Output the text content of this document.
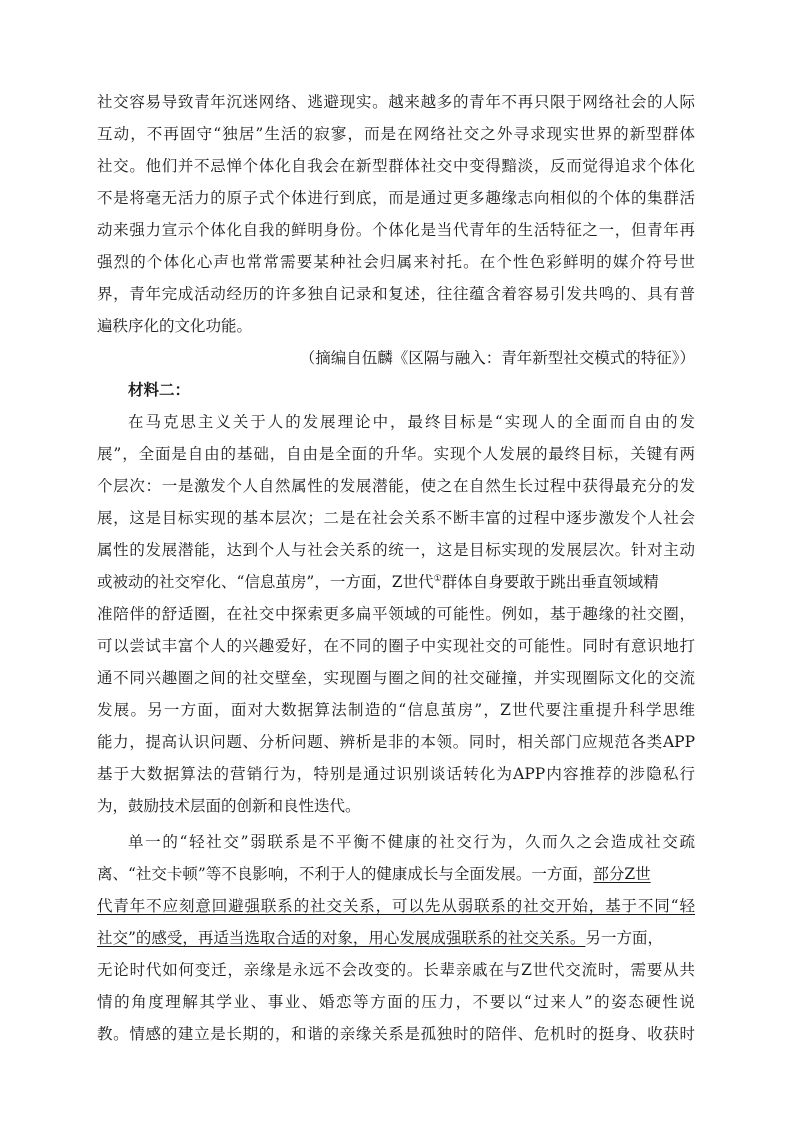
社交容易导致青年沉迷网络、逃避现实。越来越多的青年不再只限于网络社会的人际
互动，不再固守“独居”生活的寂寥，而是在网络社交之外寻求现实世界的新型群体
社交。他们并不忌惮个体化自我会在新型群体社交中变得黯淡，反而觉得追求个体化
不是将毫无活力的原子式个体进行到底，而是通过更多趣缘志向相似的个体的集群活
动来强力宣示个体化自我的鲜明身份。个体化是当代青年的生活特征之一，但青年再
强烈的个体化心声也常常需要某种社会归属来衬托。在个性色彩鲜明的媒介符号世
界，青年完成活动经历的许多独自记录和复述，往往蕴含着容易引发共鸣的、具有普
遍秩序化的文化功能。
（摘编自伍麟《区隔与融入：青年新型社交模式的特征》）
材料二：
在马克思主义关于人的发展理论中，最终目标是“实现人的全面而自由的发
展”，全面是自由的基础，自由是全面的升华。实现个人发展的最终目标，关键有两
个层次：一是激发个人自然属性的发展潜能，使之在自然生长过程中获得最充分的发
展，这是目标实现的基本层次；二是在社会关系不断丰富的过程中逐步激发个人社会
属性的发展潜能，达到个人与社会关系的统一，这是目标实现的发展层次。针对主动
或被动的社交窄化、“信息茧房”，一方面，Z世代①群体自身要敢于跳出垂直领域精
准陪伴的舒适圈，在社交中探索更多扁平领域的可能性。例如，基于趣缘的社交圈，
可以尝试丰富个人的兴趣爱好，在不同的圈子中实现社交的可能性。同时有意识地打
通不同兴趣圈之间的社交壁垒，实现圈与圈之间的社交碰撞，并实现圈际文化的交流
发展。另一方面，面对大数据算法制造的“信息茧房”，Z世代要注重提升科学思维
能力，提高认识问题、分析问题、辨析是非的本领。同时，相关部门应规范各类APP
基于大数据算法的营销行为，特别是通过识别谈话转化为APP内容推荐的涉隐私行
为，鼓励技术层面的创新和良性迭代。
单一的“轻社交”弱联系是不平衡不健康的社交行为，久而久之会造成社交疏
离、“社交卡顿”等不良影响，不利于人的健康成长与全面发展。一方面，部分Z世
代青年不应刻意回避强联系的社交关系，可以先从弱联系的社交开始，基于不同“轻
社交”的感受，再适当选取合适的对象，用心发展成强联系的社交关系。另一方面，
无论时代如何变迁，亲缘是永远不会改变的。长辈亲戚在与Z世代交流时，需要从共
情的角度理解其学业、事业、婚恋等方面的压力，不要以“过来人”的姿态硬性说
教。情感的建立是长期的，和谐的亲缘关系是孤独时的陪伴、危机时的挺身、收获时
